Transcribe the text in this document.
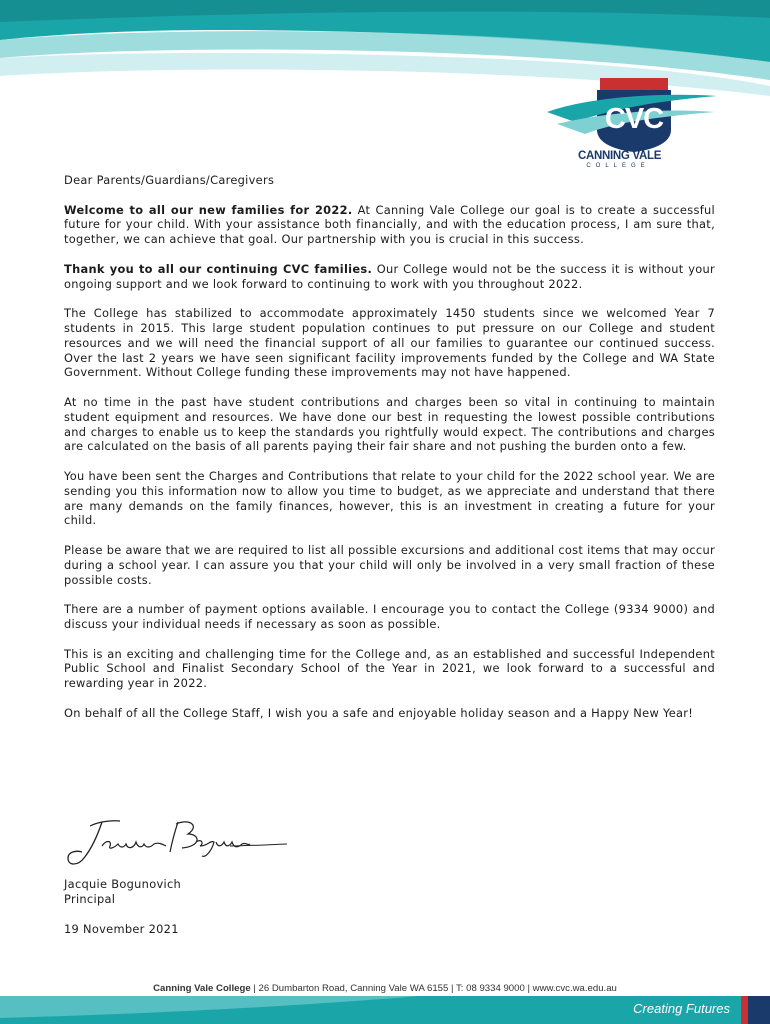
CVC
CANNING VALE
COLLEGE

Dear Parents/Guardians/Caregivers

Welcome to all our new families for 2022. At Canning Vale College our goal is to create a successful future for your child. With your assistance both financially, and with the education process, I am sure that, together, we can achieve that goal. Our partnership with you is crucial in this success.

Thank you to all our continuing CVC families. Our College would not be the success it is without your ongoing support and we look forward to continuing to work with you throughout 2022.

The College has stabilized to accommodate approximately 1450 students since we welcomed Year 7 students in 2015. This large student population continues to put pressure on our College and student resources and we will need the financial support of all our families to guarantee our continued success. Over the last 2 years we have seen significant facility improvements funded by the College and WA State Government. Without College funding these improvements may not have happened.

At no time in the past have student contributions and charges been so vital in continuing to maintain student equipment and resources. We have done our best in requesting the lowest possible contributions and charges to enable us to keep the standards you rightfully would expect. The contributions and charges are calculated on the basis of all parents paying their fair share and not pushing the burden onto a few.

You have been sent the Charges and Contributions that relate to your child for the 2022 school year. We are sending you this information now to allow you time to budget, as we appreciate and understand that there are many demands on the family finances, however, this is an investment in creating a future for your child.

Please be aware that we are required to list all possible excursions and additional cost items that may occur during a school year. I can assure you that your child will only be involved in a very small fraction of these possible costs.

There are a number of payment options available. I encourage you to contact the College (9334 9000) and discuss your individual needs if necessary as soon as possible.

This is an exciting and challenging time for the College and, as an established and successful Independent Public School and Finalist Secondary School of the Year in 2021, we look forward to a successful and rewarding year in 2022.

On behalf of all the College Staff, I wish you a safe and enjoyable holiday season and a Happy New Year!

Jacquie Bogunovich
Principal
19 November 2021
Canning Vale College | 26 Dumbarton Road, Canning Vale WA 6155 | T: 08 9334 9000 | www.cvc.wa.edu.au
Creating Futures
